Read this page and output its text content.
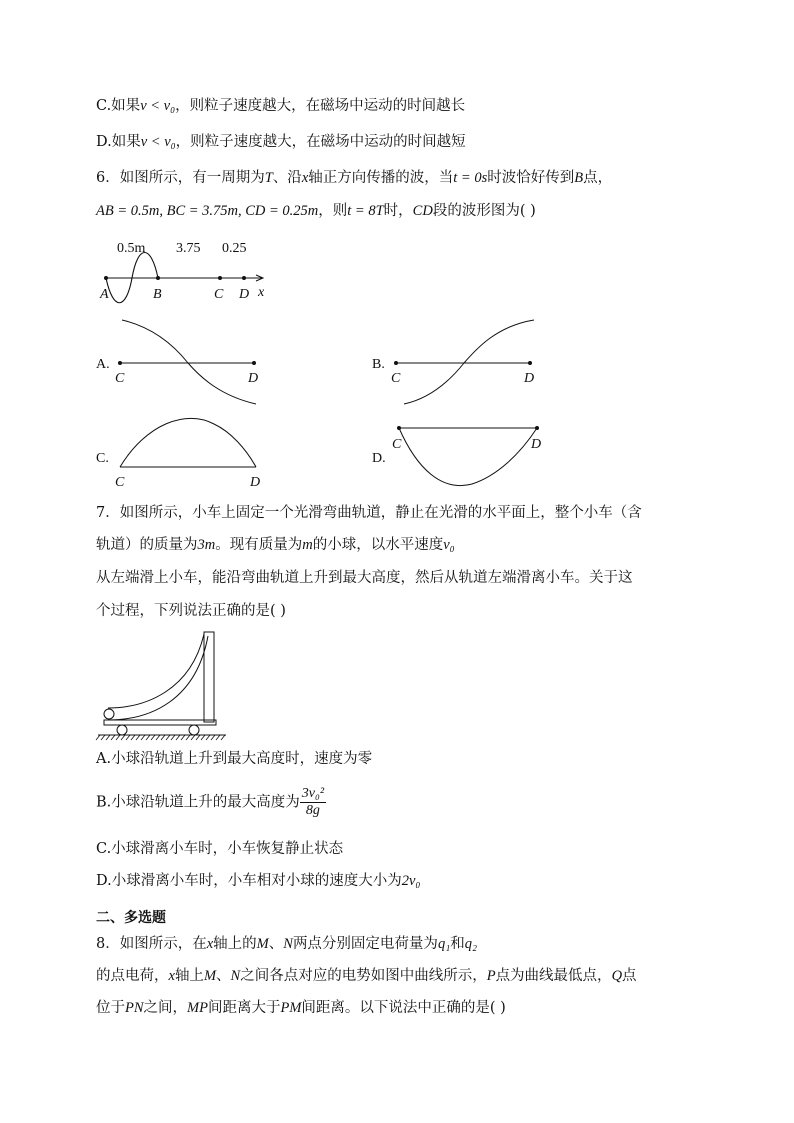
C.如果v < v₀，则粒子速度越大，在磁场中运动的时间越长
D.如果v < v₀，则粒子速度越大，在磁场中运动的时间越短
6．如图所示，有一周期为T、沿x轴正方向传播的波，当t = 0s时波恰好传到B点，
AB = 0.5m, BC = 3.75m, CD = 0.25m，则t = 8T时，CD段的波形图为( )
0.5m 3.75 0.25
A	B	C D x
A.
C	D
B.
C	D
C.
C	D
D.
C	D
7．如图所示，小车上固定一个光滑弯曲轨道，静止在光滑的水平面上，整个小车（含
轨道）的质量为3m。现有质量为m的小球，以水平速度v₀
从左端滑上小车，能沿弯曲轨道上升到最大高度，然后从轨道左端滑离小车。关于这
个过程，下列说法正确的是( )
A.小球沿轨道上升到最大高度时，速度为零
B.小球沿轨道上升的最大高度为 $\frac{\text{3v₀²}}{8g}$
C.小球滑离小车时，小车恢复静止状态
D.小球滑离小车时，小车相对小球的速度大小为2v₀
二、多选题
8．如图所示，在x轴上的M、N两点分别固定电荷量为q₁和q₂
的点电荷，x轴上M、N之间各点对应的电势如图中曲线所示，P点为曲线最低点，Q点
位于PN之间，MP间距离大于PM间距离。以下说法中正确的是( )
